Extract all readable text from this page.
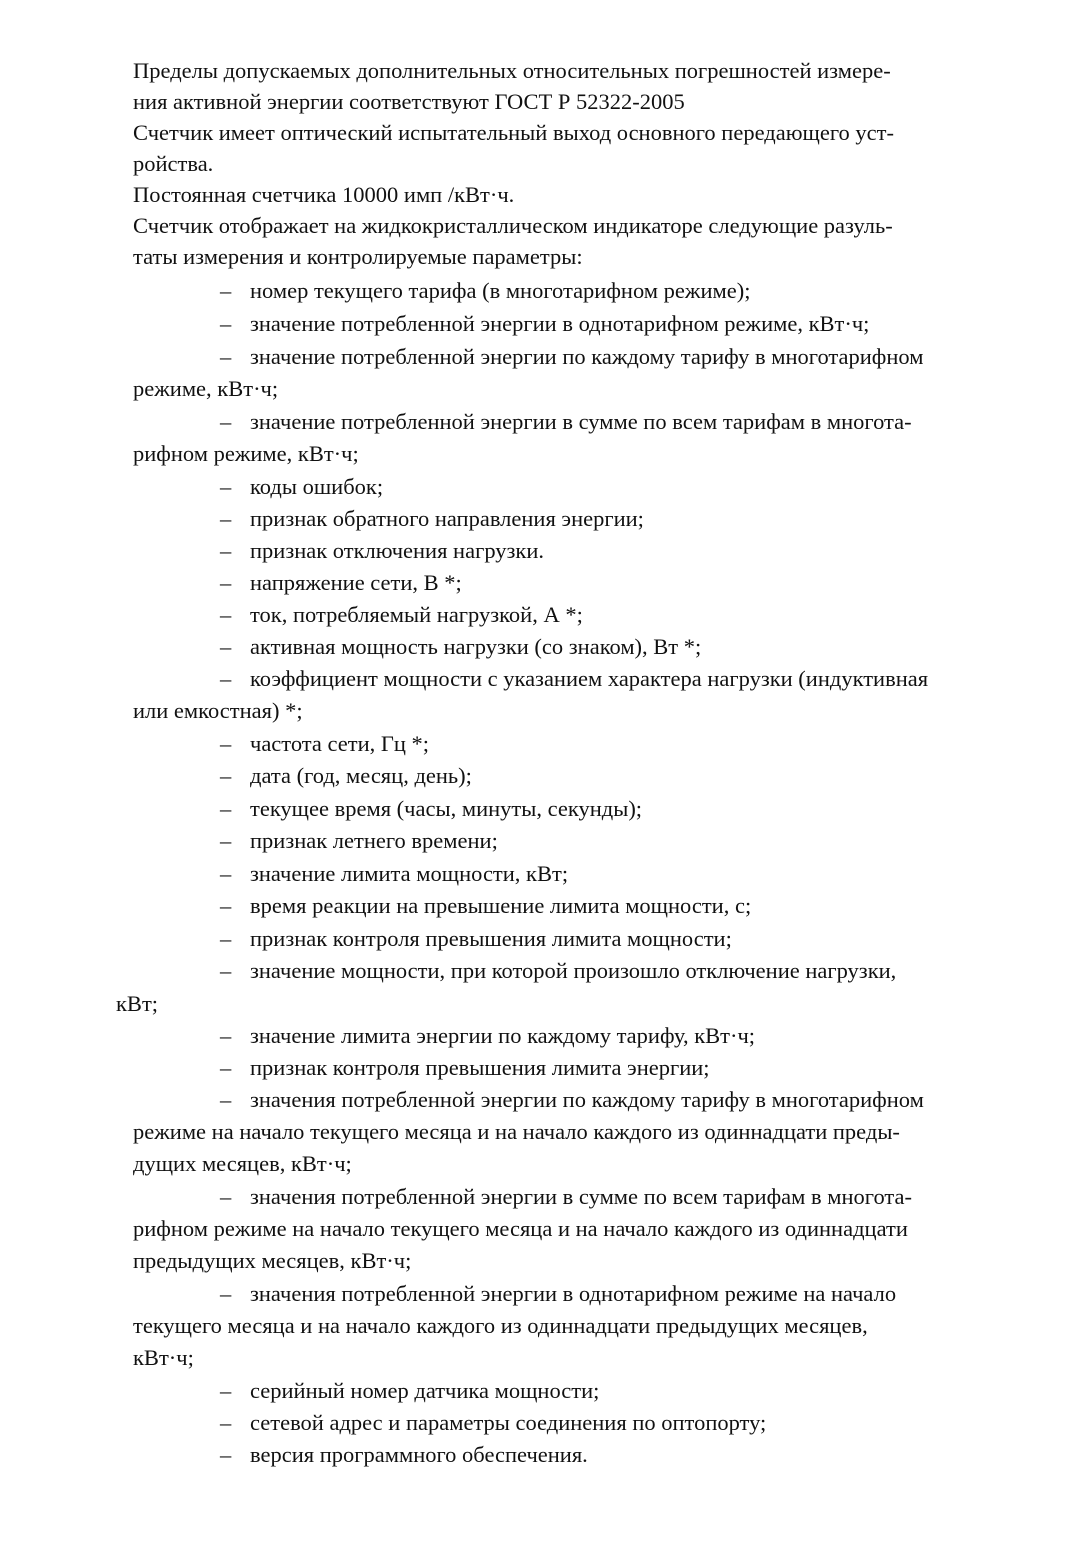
Пределы допускаемых дополнительных относительных погрешностей измере-
ния активной энергии соответствуют ГОСТ Р 52322-2005
Счетчик имеет оптический испытательный выход основного передающего уст-
ройства.
Постоянная счетчика 10000 имп /кВт·ч.
Счетчик отображает на жидкокристаллическом индикаторе следующие разуль-
таты измерения и контролируемые параметры:
– номер текущего тарифа (в многотарифном режиме);
– значение потребленной энергии в однотарифном режиме, кВт·ч;
– значение потребленной энергии по каждому тарифу в многотарифном
режиме, кВт·ч;
– значение потребленной энергии в сумме по всем тарифам в многота-
рифном режиме, кВт·ч;
– коды ошибок;
– признак обратного направления энергии;
– признак отключения нагрузки.
– напряжение сети, В *;
– ток, потребляемый нагрузкой, А *;
– активная мощность нагрузки (со знаком), Вт *;
– коэффициент мощности с указанием характера нагрузки (индуктивная
или емкостная) *;
– частота сети, Гц *;
– дата (год, месяц, день);
– текущее время (часы, минуты, секунды);
– признак летнего времени;
– значение лимита мощности, кВт;
– время реакции на превышение лимита мощности, с;
– признак контроля превышения лимита мощности;
– значение мощности, при которой произошло отключение нагрузки,
кВт;
– значение лимита энергии по каждому тарифу, кВт·ч;
– признак контроля превышения лимита энергии;
– значения потребленной энергии по каждому тарифу в многотарифном
режиме на начало текущего месяца и на начало каждого из одиннадцати преды-
дущих месяцев, кВт·ч;
– значения потребленной энергии в сумме по всем тарифам в многота-
рифном режиме на начало текущего месяца и на начало каждого из одиннадцати
предыдущих месяцев, кВт·ч;
– значения потребленной энергии в однотарифном режиме на начало
текущего месяца и на начало каждого из одиннадцати предыдущих месяцев,
кВт·ч;
– серийный номер датчика мощности;
– сетевой адрес и параметры соединения по оптопорту;
– версия программного обеспечения.
